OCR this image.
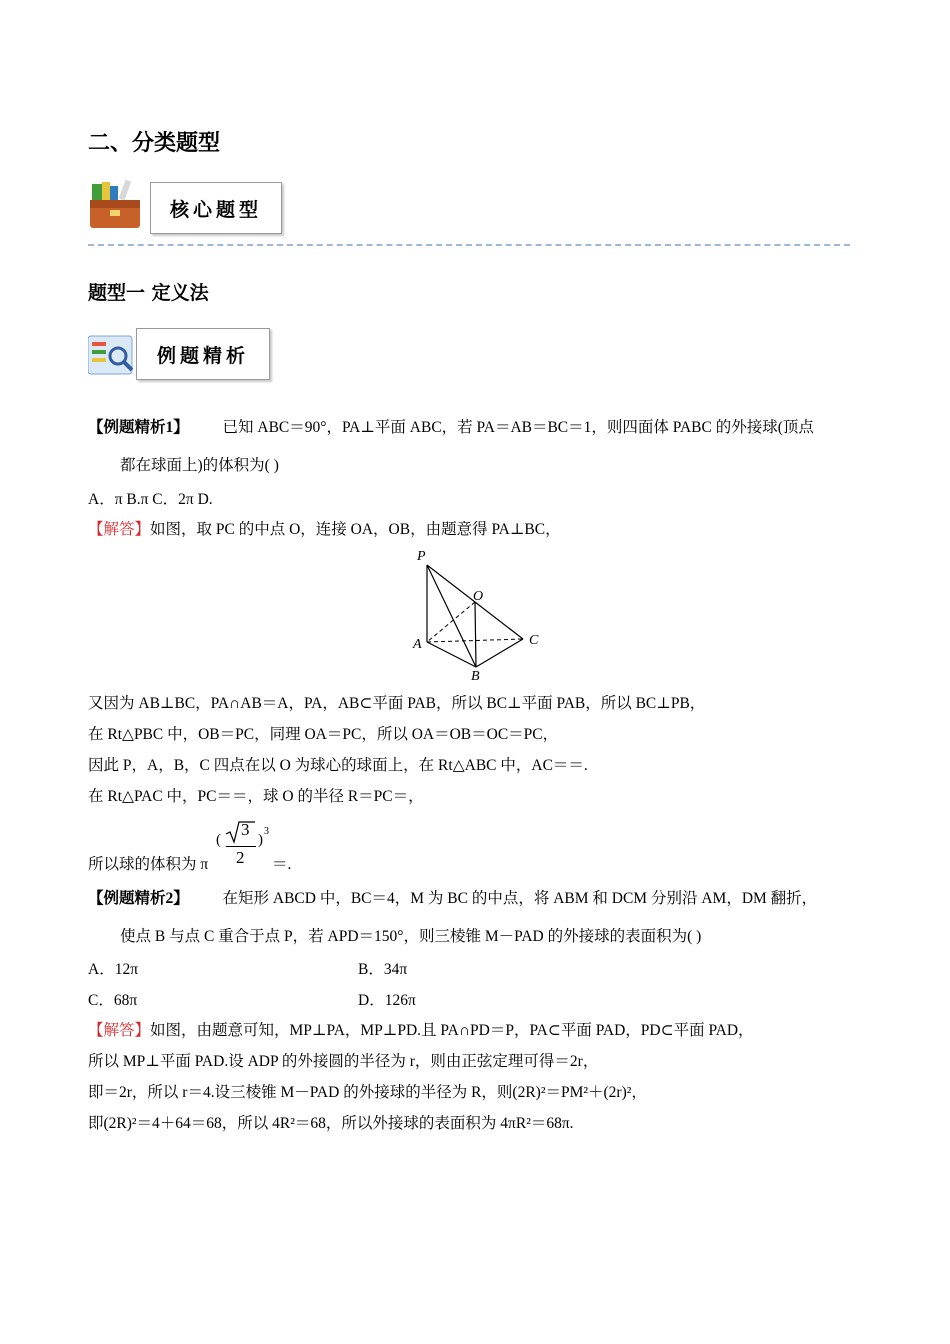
二、分类题型
核心题型
题型一 定义法
例题精析
【例题精析1】 已知 ABC＝90°，PA⊥平面 ABC，若 PA＝AB＝BC＝1，则四面体 PABC 的外接球(顶点
都在球面上)的体积为( )
A．π B.π C．2π D.
【解答】如图，取 PC 的中点 O，连接 OA，OB，由题意得 PA⊥BC，
P
O
A
B
C
又因为 AB⊥BC，PA∩AB＝A，PA，AB⊂平面 PAB，所以 BC⊥平面 PAB，所以 BC⊥PB，
在 Rt△PBC 中，OB＝PC，同理 OA＝PC，所以 OA＝OB＝OC＝PC，
因此 P，A，B，C 四点在以 O 为球心的球面上，在 Rt△ABC 中，AC＝＝.
在 Rt△PAC 中，PC＝＝，球 O 的半径 R＝PC＝，
所以球的体积为 π
(
3
2
)
3
＝.
【例题精析2】 在矩形 ABCD 中，BC＝4，M 为 BC 的中点，将 ABM 和 DCM 分别沿 AM，DM 翻折，
使点 B 与点 C 重合于点 P，若 APD＝150°，则三棱锥 M－PAD 的外接球的表面积为( )
A．12π	B．34π
C．68π	D．126π
【解答】如图，由题意可知，MP⊥PA，MP⊥PD.且 PA∩PD＝P，PA⊂平面 PAD，PD⊂平面 PAD，
所以 MP⊥平面 PAD.设 ADP 的外接圆的半径为 r，则由正弦定理可得＝2r，
即＝2r，所以 r＝4.设三棱锥 M－PAD 的外接球的半径为 R，则(2R)²＝PM²＋(2r)²，
即(2R)²＝4＋64＝68，所以 4R²＝68，所以外接球的表面积为 4πR²＝68π.
